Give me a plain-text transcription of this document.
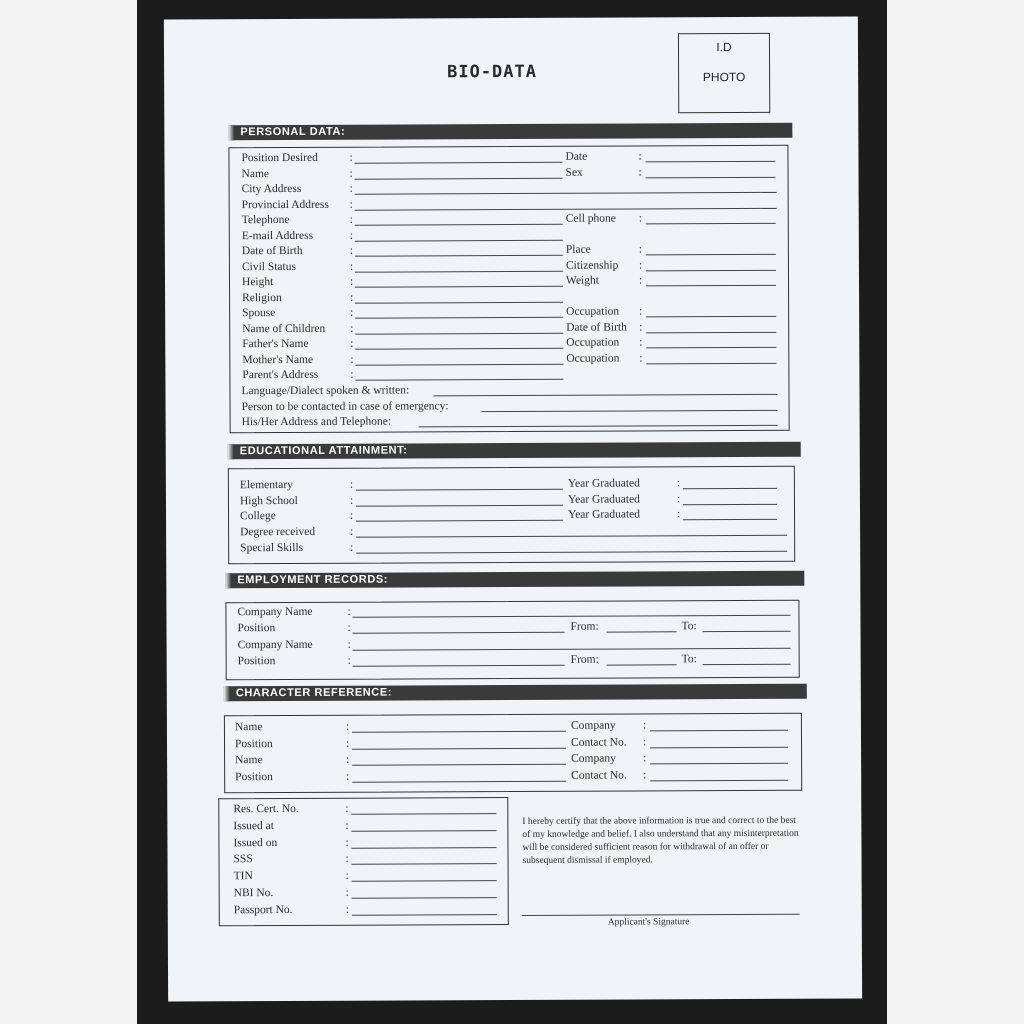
BIO-DATA
I.D
PHOTO
PERSONAL DATA:
EDUCATIONAL ATTAINMENT:
EMPLOYMENT RECORDS:
CHARACTER REFERENCE:
Position Desired	:	Date	:
Name	:	Sex	:
City Address	:
Provincial Address :
Telephone	:	Cell phone :
E-mail Address	:
Date of Birth	:	Place	:
Civil Status	:	Citizenship :
Height	:	Weight	:
Religion	:
Spouse	:	Occupation :
Name of Children :	Date of Birth :
Father's Name	:	Occupation :
Mother's Name	:	Occupation :
Parent's Address	:
Language/Dialect spoken & written:
Person to be contacted in case of emergency:
His/Her Address and Telephone:
Elementary	:	Year Graduated	:
High School	:	Year Graduated	:
College	:	Year Graduated	:
Degree received	:
Special Skills	:
Company Name	:
Position	:	From:	To:
Company Name	:
Position	:	From:	To:
Name	:	Company :
Position	:	Contact No. :
Name	:	Company :
Position	:	Contact No. :
Res. Cert. No.	:
Issued at	:
Issued on	:
SSS	:
TIN	:
NBI No.	:
Passport No.	:
I hereby certify that the above information is true and correct to the best of my knowledge and belief. I also understand that any misinterpretation will be considered sufficient reason for withdrawal of an offer or subsequent dismissal if employed.
Applicant's Signature
